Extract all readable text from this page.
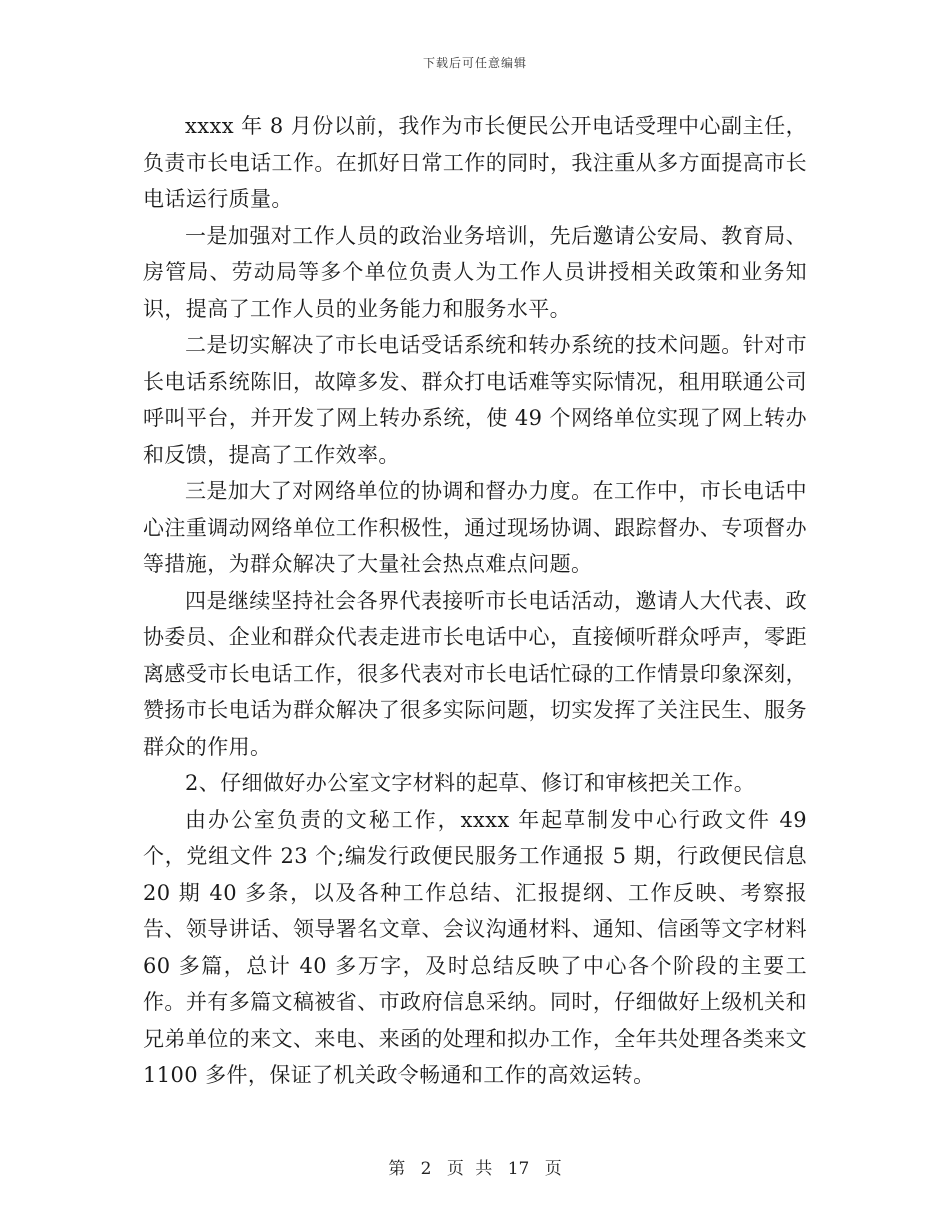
下载后可任意编辑

xxxx 年 8 月份以前，我作为市长便民公开电话受理中心副主任，负责市长电话工作。在抓好日常工作的同时，我注重从多方面提高市长电话运行质量。

一是加强对工作人员的政治业务培训，先后邀请公安局、教育局、房管局、劳动局等多个单位负责人为工作人员讲授相关政策和业务知识，提高了工作人员的业务能力和服务水平。

二是切实解决了市长电话受话系统和转办系统的技术问题。针对市长电话系统陈旧，故障多发、群众打电话难等实际情况，租用联通公司呼叫平台，并开发了网上转办系统，使 49 个网络单位实现了网上转办和反馈，提高了工作效率。

三是加大了对网络单位的协调和督办力度。在工作中，市长电话中心注重调动网络单位工作积极性，通过现场协调、跟踪督办、专项督办等措施，为群众解决了大量社会热点难点问题。

四是继续坚持社会各界代表接听市长电话活动，邀请人大代表、政协委员、企业和群众代表走进市长电话中心，直接倾听群众呼声，零距离感受市长电话工作，很多代表对市长电话忙碌的工作情景印象深刻，赞扬市长电话为群众解决了很多实际问题，切实发挥了关注民生、服务群众的作用。

2、仔细做好办公室文字材料的起草、修订和审核把关工作。

由办公室负责的文秘工作，xxxx 年起草制发中心行政文件 49 个，党组文件 23 个;编发行政便民服务工作通报 5 期，行政便民信息 20 期 40 多条，以及各种工作总结、汇报提纲、工作反映、考察报告、领导讲话、领导署名文章、会议沟通材料、通知、信函等文字材料 60 多篇，总计 40 多万字，及时总结反映了中心各个阶段的主要工作。并有多篇文稿被省、市政府信息采纳。同时，仔细做好上级机关和兄弟单位的来文、来电、来函的处理和拟办工作，全年共处理各类来文 1100 多件，保证了机关政令畅通和工作的高效运转。

第 2 页 共 17 页
